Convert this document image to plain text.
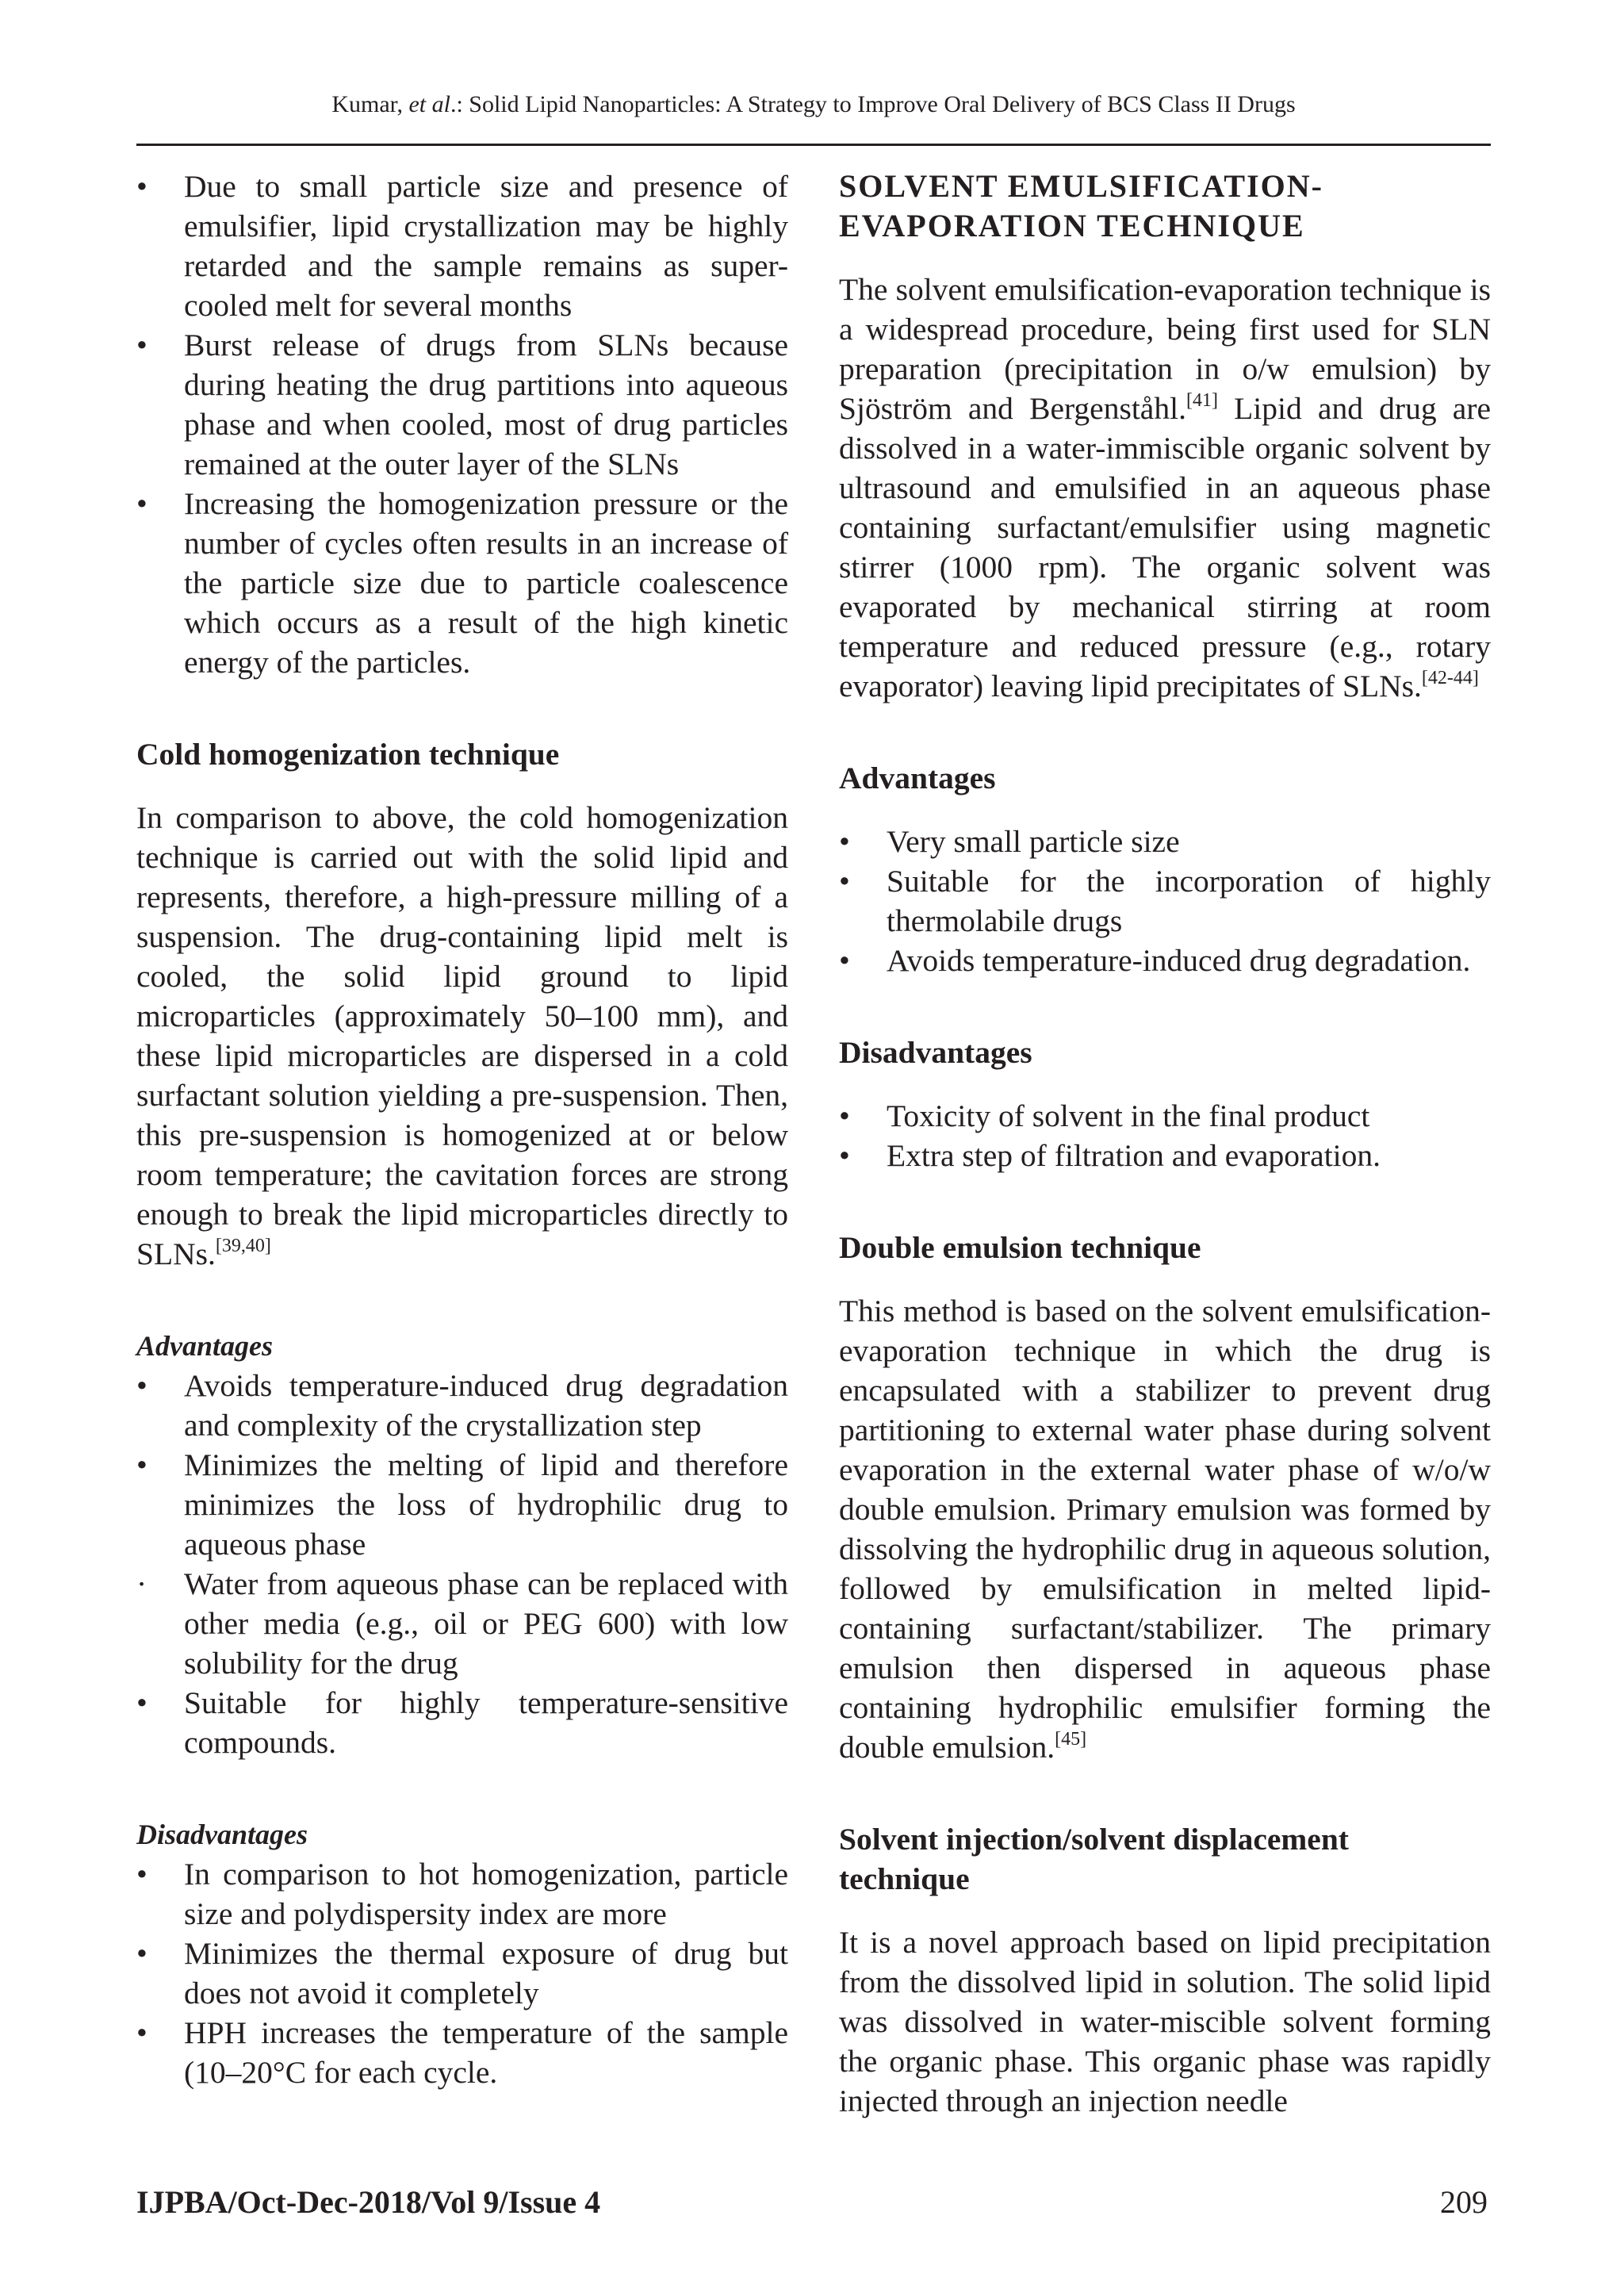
Kumar, et al.: Solid Lipid Nanoparticles: A Strategy to Improve Oral Delivery of BCS Class II Drugs
•	Due to small particle size and presence of emulsifier, lipid crystallization may be highly retarded and the sample remains as super-cooled melt for several months
•	Burst release of drugs from SLNs because during heating the drug partitions into aqueous phase and when cooled, most of drug particles remained at the outer layer of the SLNs
•	Increasing the homogenization pressure or the number of cycles often results in an increase of the particle size due to particle coalescence which occurs as a result of the high kinetic energy of the particles.
Cold homogenization technique

In comparison to above, the cold homogenization technique is carried out with the solid lipid and represents, therefore, a high-pressure milling of a suspension. The drug-containing lipid melt is cooled, the solid lipid ground to lipid microparticles (approximately 50–100 mm), and these lipid microparticles are dispersed in a cold surfactant solution yielding a pre-suspension. Then, this pre-suspension is homogenized at or below room temperature; the cavitation forces are strong enough to break the lipid microparticles directly to SLNs.[39,40]

Advantages
•	Avoids temperature-induced drug degradation and complexity of the crystallization step
•	Minimizes the melting of lipid and therefore minimizes the loss of hydrophilic drug to aqueous phase
·	Water from aqueous phase can be replaced with other media (e.g., oil or PEG 600) with low solubility for the drug
•	Suitable for highly temperature-sensitive compounds.
Disadvantages
•	In comparison to hot homogenization, particle size and polydispersity index are more
•	Minimizes the thermal exposure of drug but does not avoid it completely
•	HPH increases the temperature of the sample (10–20°C for each cycle.
SOLVENT EMULSIFICATION-
EVAPORATION TECHNIQUE

The solvent emulsification-evaporation technique is a widespread procedure, being first used for SLN preparation (precipitation in o/w emulsion) by Sjöström and Bergenståhl.[41] Lipid and drug are dissolved in a water-immiscible organic solvent by ultrasound and emulsified in an aqueous phase containing surfactant/emulsifier using magnetic stirrer (1000 rpm). The organic solvent was evaporated by mechanical stirring at room temperature and reduced pressure (e.g., rotary evaporator) leaving lipid precipitates of SLNs.[42-44]

Advantages
•	Very small particle size
•	Suitable for the incorporation of highly thermolabile drugs
•	Avoids temperature-induced drug degradation.
Disadvantages
•	Toxicity of solvent in the final product
•	Extra step of filtration and evaporation.
Double emulsion technique

This method is based on the solvent emulsification-evaporation technique in which the drug is encapsulated with a stabilizer to prevent drug partitioning to external water phase during solvent evaporation in the external water phase of w/o/w double emulsion. Primary emulsion was formed by dissolving the hydrophilic drug in aqueous solution, followed by emulsification in melted lipid-containing surfactant/stabilizer. The primary emulsion then dispersed in aqueous phase containing hydrophilic emulsifier forming the double emulsion.[45]

Solvent injection/solvent displacement
technique

It is a novel approach based on lipid precipitation from the dissolved lipid in solution. The solid lipid was dissolved in water-miscible solvent forming the organic phase. This organic phase was rapidly injected through an injection needle

IJPBA/Oct-Dec-2018/Vol 9/Issue 4	209
